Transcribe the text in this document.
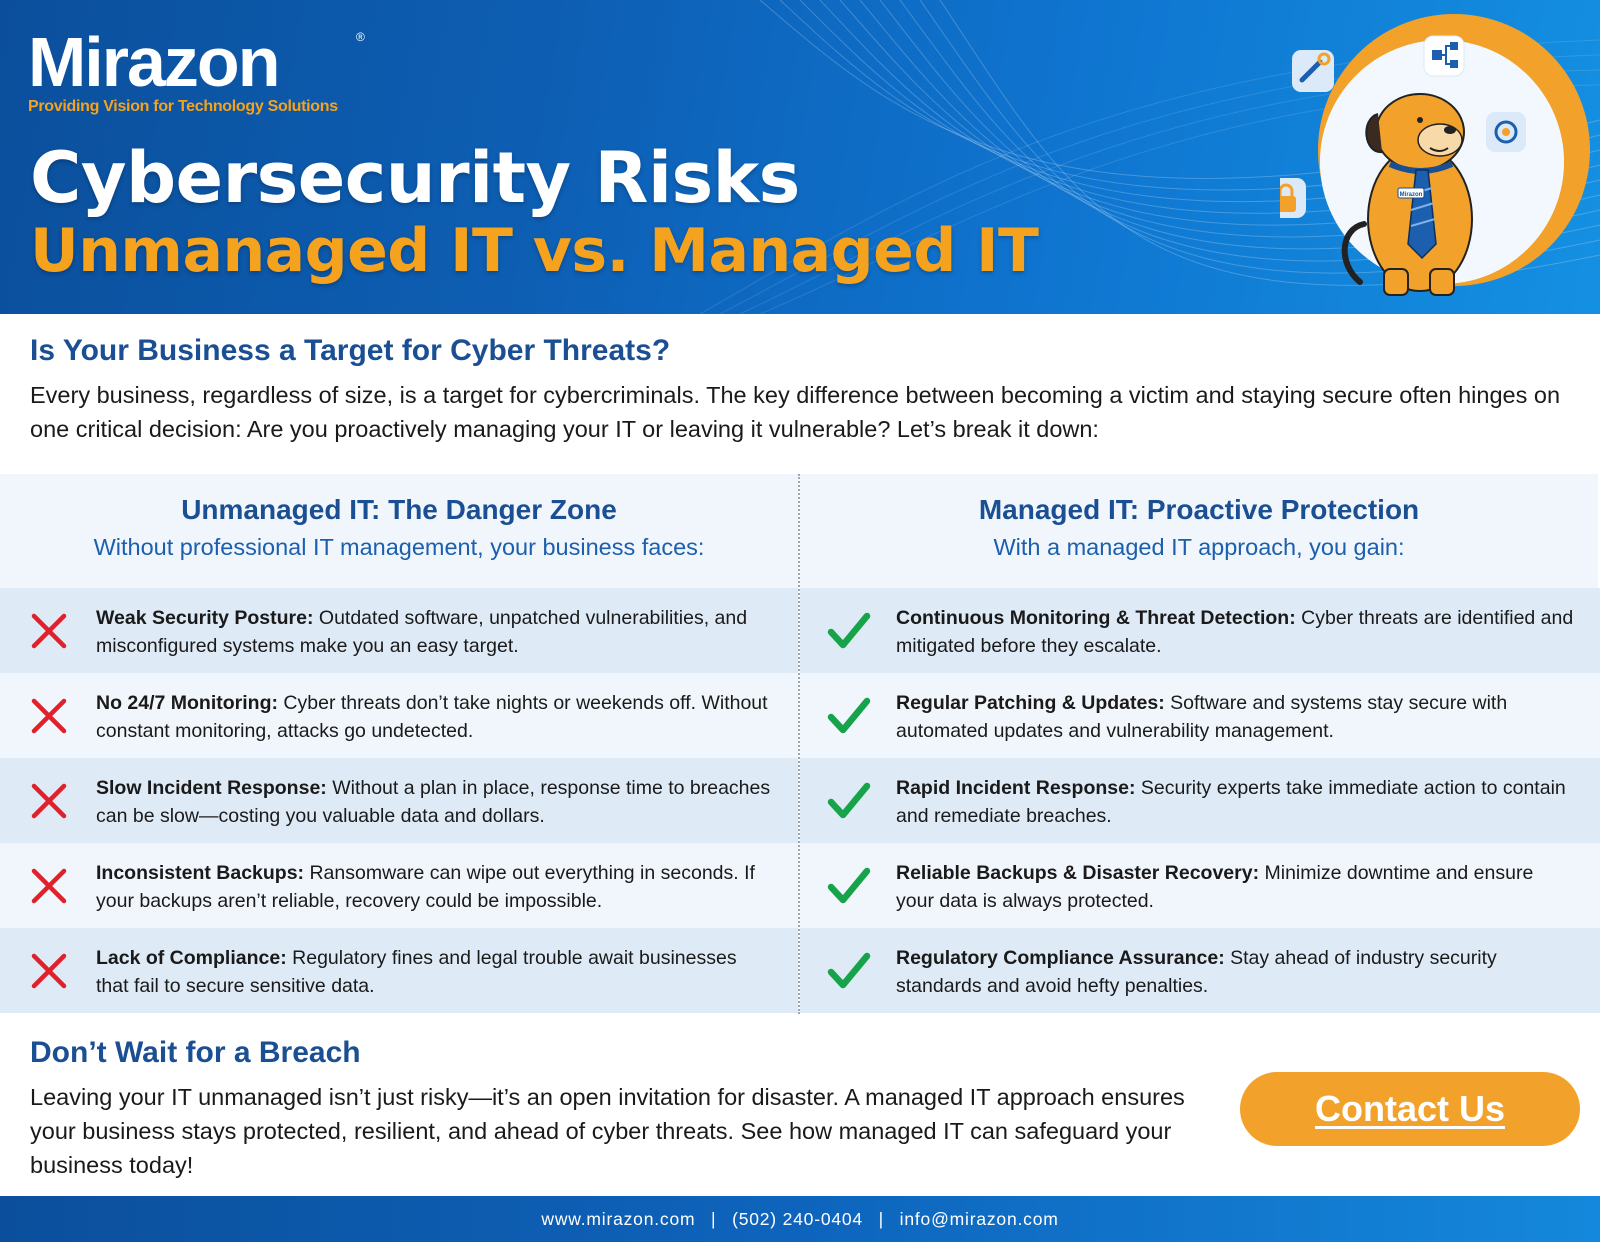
Mirazon	®
Providing Vision for Technology Solutions
Cybersecurity Risks
Unmanaged IT vs. Managed IT
Mirazon
Is Your Business a Target for Cyber Threats?
Every business, regardless of size, is a target for cybercriminals. The key difference between becoming a victim and staying secure often hinges on one critical decision: Are you proactively managing your IT or leaving it vulnerable? Let’s break it down:
Unmanaged IT: The Danger Zone
Without professional IT management, your business faces:
Managed IT: Proactive Protection
With a managed IT approach, you gain:
Weak Security Posture: Outdated software, unpatched vulnerabilities, and misconfigured systems make you an easy target.
No 24/7 Monitoring: Cyber threats don’t take nights or weekends off. Without constant monitoring, attacks go undetected.
Slow Incident Response: Without a plan in place, response time to breaches can be slow—costing you valuable data and dollars.
Inconsistent Backups: Ransomware can wipe out everything in seconds. If your backups aren’t reliable, recovery could be impossible.
Lack of Compliance: Regulatory fines and legal trouble await businesses that fail to secure sensitive data.
Continuous Monitoring & Threat Detection: Cyber threats are identified and mitigated before they escalate.
Regular Patching & Updates: Software and systems stay secure with automated updates and vulnerability management.
Rapid Incident Response: Security experts take immediate action to contain and remediate breaches.
Reliable Backups & Disaster Recovery: Minimize downtime and ensure your data is always protected.
Regulatory Compliance Assurance: Stay ahead of industry security standards and avoid hefty penalties.
Don’t Wait for a Breach
Leaving your IT unmanaged isn’t just risky—it’s an open invitation for disaster. A managed IT approach ensures your business stays protected, resilient, and ahead of cyber threats. See how managed IT can safeguard your business today!
Contact Us
www.mirazon.com | (502) 240-0404 | info@mirazon.com
